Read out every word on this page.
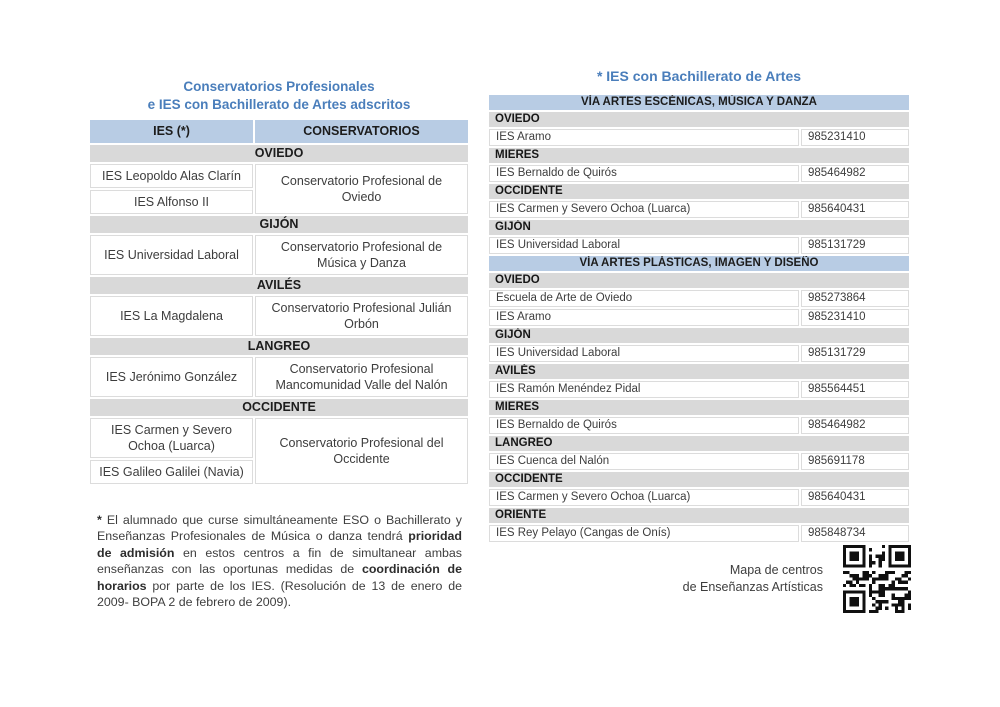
Conservatorios Profesionales
e IES con Bachillerato de Artes adscritos
IES (*)	CONSERVATORIOS
OVIEDO	
IES Leopoldo Alas Clarín	Conservatorio Profesional de Oviedo
IES Alfonso II	
GIJÓN	
IES Universidad Laboral	Conservatorio Profesional de Música y Danza
AVILÉS	
IES La Magdalena	Conservatorio Profesional Julián Orbón
LANGREO	
IES Jerónimo González	Conservatorio Profesional Mancomunidad Valle del Nalón
OCCIDENTE	
IES Carmen y Severo Ochoa (Luarca)	Conservatorio Profesional del Occidente
IES Galileo Galilei (Navia)	

* El alumnado que curse simultáneamente ESO o Bachillerato y Enseñanzas Profesionales de Música o danza tendrá prioridad de admisión en estos centros a fin de simultanear ambas enseñanzas con las oportunas medidas de coordinación de horarios por parte de los IES. (Resolución de 13 de enero de 2009- BOPA 2 de febrero de 2009).

* IES con Bachillerato de Artes
VÍA ARTES ESCÉNICAS, MÚSICA Y DANZA	
OVIEDO	
IES Aramo	985231410
MIERES	
IES Bernaldo de Quirós	985464982
OCCIDENTE	
IES Carmen y Severo Ochoa (Luarca)	985640431
GIJÓN	
IES Universidad Laboral	985131729
VÍA ARTES PLÁSTICAS, IMAGEN Y DISEÑO	
OVIEDO	
Escuela de Arte de Oviedo	985273864
IES Aramo	985231410
GIJÓN	
IES Universidad Laboral	985131729
AVILÉS	
IES Ramón Menéndez Pidal	985564451
MIERES	
IES Bernaldo de Quirós	985464982
LANGREO	
IES Cuenca del Nalón	985691178
OCCIDENTE	
IES Carmen y Severo Ochoa (Luarca)	985640431
ORIENTE	
IES Rey Pelayo (Cangas de Onís)	985848734
Mapa de centros
de Enseñanzas Artísticas
